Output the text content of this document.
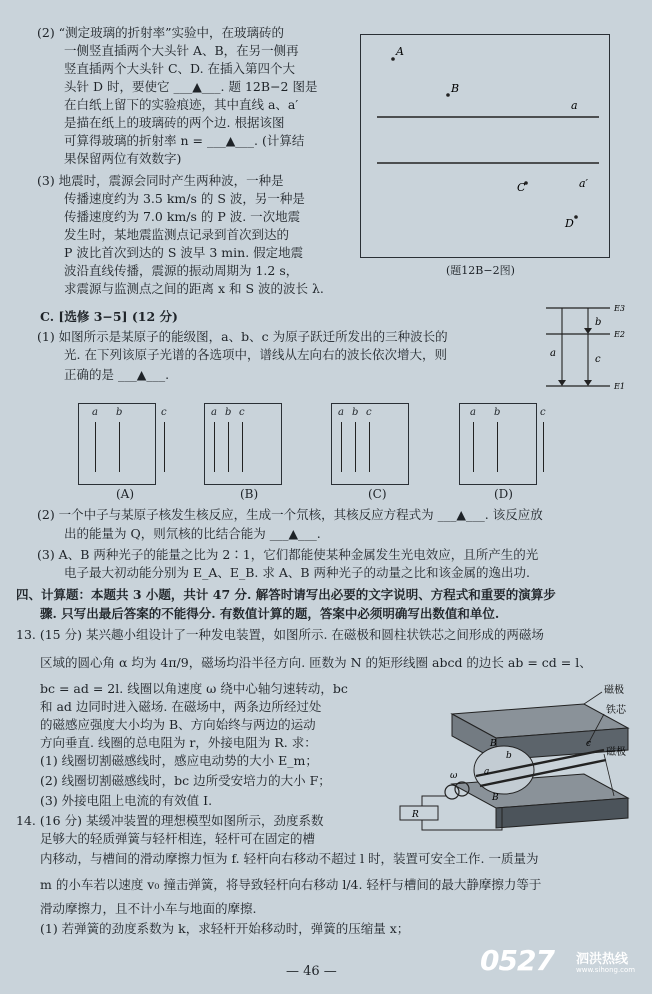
(2) “测定玻璃的折射率”实验中，在玻璃砖的
一侧竖直插两个大头针 A、B，在另一侧再
竖直插两个大头针 C、D. 在插入第四个大
头针 D 时，要使它 ___▲___. 题 12B−2 图是
在白纸上留下的实验痕迹，其中直线 a、a′
是描在纸上的玻璃砖的两个边. 根据该图
可算得玻璃的折射率 n = ___▲___. (计算结
果保留两位有效数字)
(3) 地震时，震源会同时产生两种波，一种是
传播速度约为 3.5 km/s 的 S 波，另一种是
传播速度约为 7.0 km/s 的 P 波. 一次地震
发生时，某地震监测点记录到首次到达的
P 波比首次到达的 S 波早 3 min. 假定地震
波沿直线传播，震源的振动周期为 1.2 s，
求震源与监测点之间的距离 x 和 S 波的波长 λ.
C. [选修 3−5] (12 分)
(1) 如图所示是某原子的能级图，a、b、c 为原子跃迁所发出的三种波长的
光. 在下列该原子光谱的各选项中，谱线从左向右的波长依次增大，则
正确的是 ___▲___.
(2) 一个中子与某原子核发生核反应，生成一个氘核，其核反应方程式为 ___▲___. 该反应放
出的能量为 Q，则氘核的比结合能为 ___▲___.
(3) A、B 两种光子的能量之比为 2∶1，它们都能使某种金属发生光电效应，且所产生的光
电子最大初动能分别为 E_A、E_B. 求 A、B 两种光子的动量之比和该金属的逸出功.
四、计算题：本题共 3 小题，共计 47 分. 解答时请写出必要的文字说明、方程式和重要的演算步
骤. 只写出最后答案的不能得分. 有数值计算的题，答案中必须明确写出数值和单位.
13. (15 分) 某兴趣小组设计了一种发电装置，如图所示. 在磁极和圆柱状铁芯之间形成的两磁场
区域的圆心角 α 均为 4π/9，磁场均沿半径方向. 匝数为 N 的矩形线圈 abcd 的边长 ab = cd = l、
bc = ad = 2l. 线圈以角速度 ω 绕中心轴匀速转动，bc
和 ad 边同时进入磁场. 在磁场中，两条边所经过处
的磁感应强度大小均为 B、方向始终与两边的运动
方向垂直. 线圈的总电阻为 r，外接电阻为 R. 求：
(1) 线圈切割磁感线时，感应电动势的大小 E_m；
(2) 线圈切割磁感线时，bc 边所受安培力的大小 F；
(3) 外接电阻上电流的有效值 I.
14. (16 分) 某缓冲装置的理想模型如图所示，劲度系数
足够大的轻质弹簧与轻杆相连，轻杆可在固定的槽
内移动，与槽间的滑动摩擦力恒为 f. 轻杆向右移动不超过 l 时，装置可安全工作. 一质量为
m 的小车若以速度 v₀ 撞击弹簧，将导致轻杆向右移动 l/4. 轻杆与槽间的最大静摩擦力等于
滑动摩擦力，且不计小车与地面的摩擦.
(1) 若弹簧的劲度系数为 k，求轻杆开始移动时，弹簧的压缩量 x；
A
B
a
C	a′
D
(题12B−2图)
E3
E2
E1
a
b
c
a b	c	a b c	a b c	a b	c
(A)	(B)	(C)	(D)
磁极
铁芯
磁极
R
B
B
b
a
c
ω
— 46 —	0527 泗洪热线
www.sihong.com
